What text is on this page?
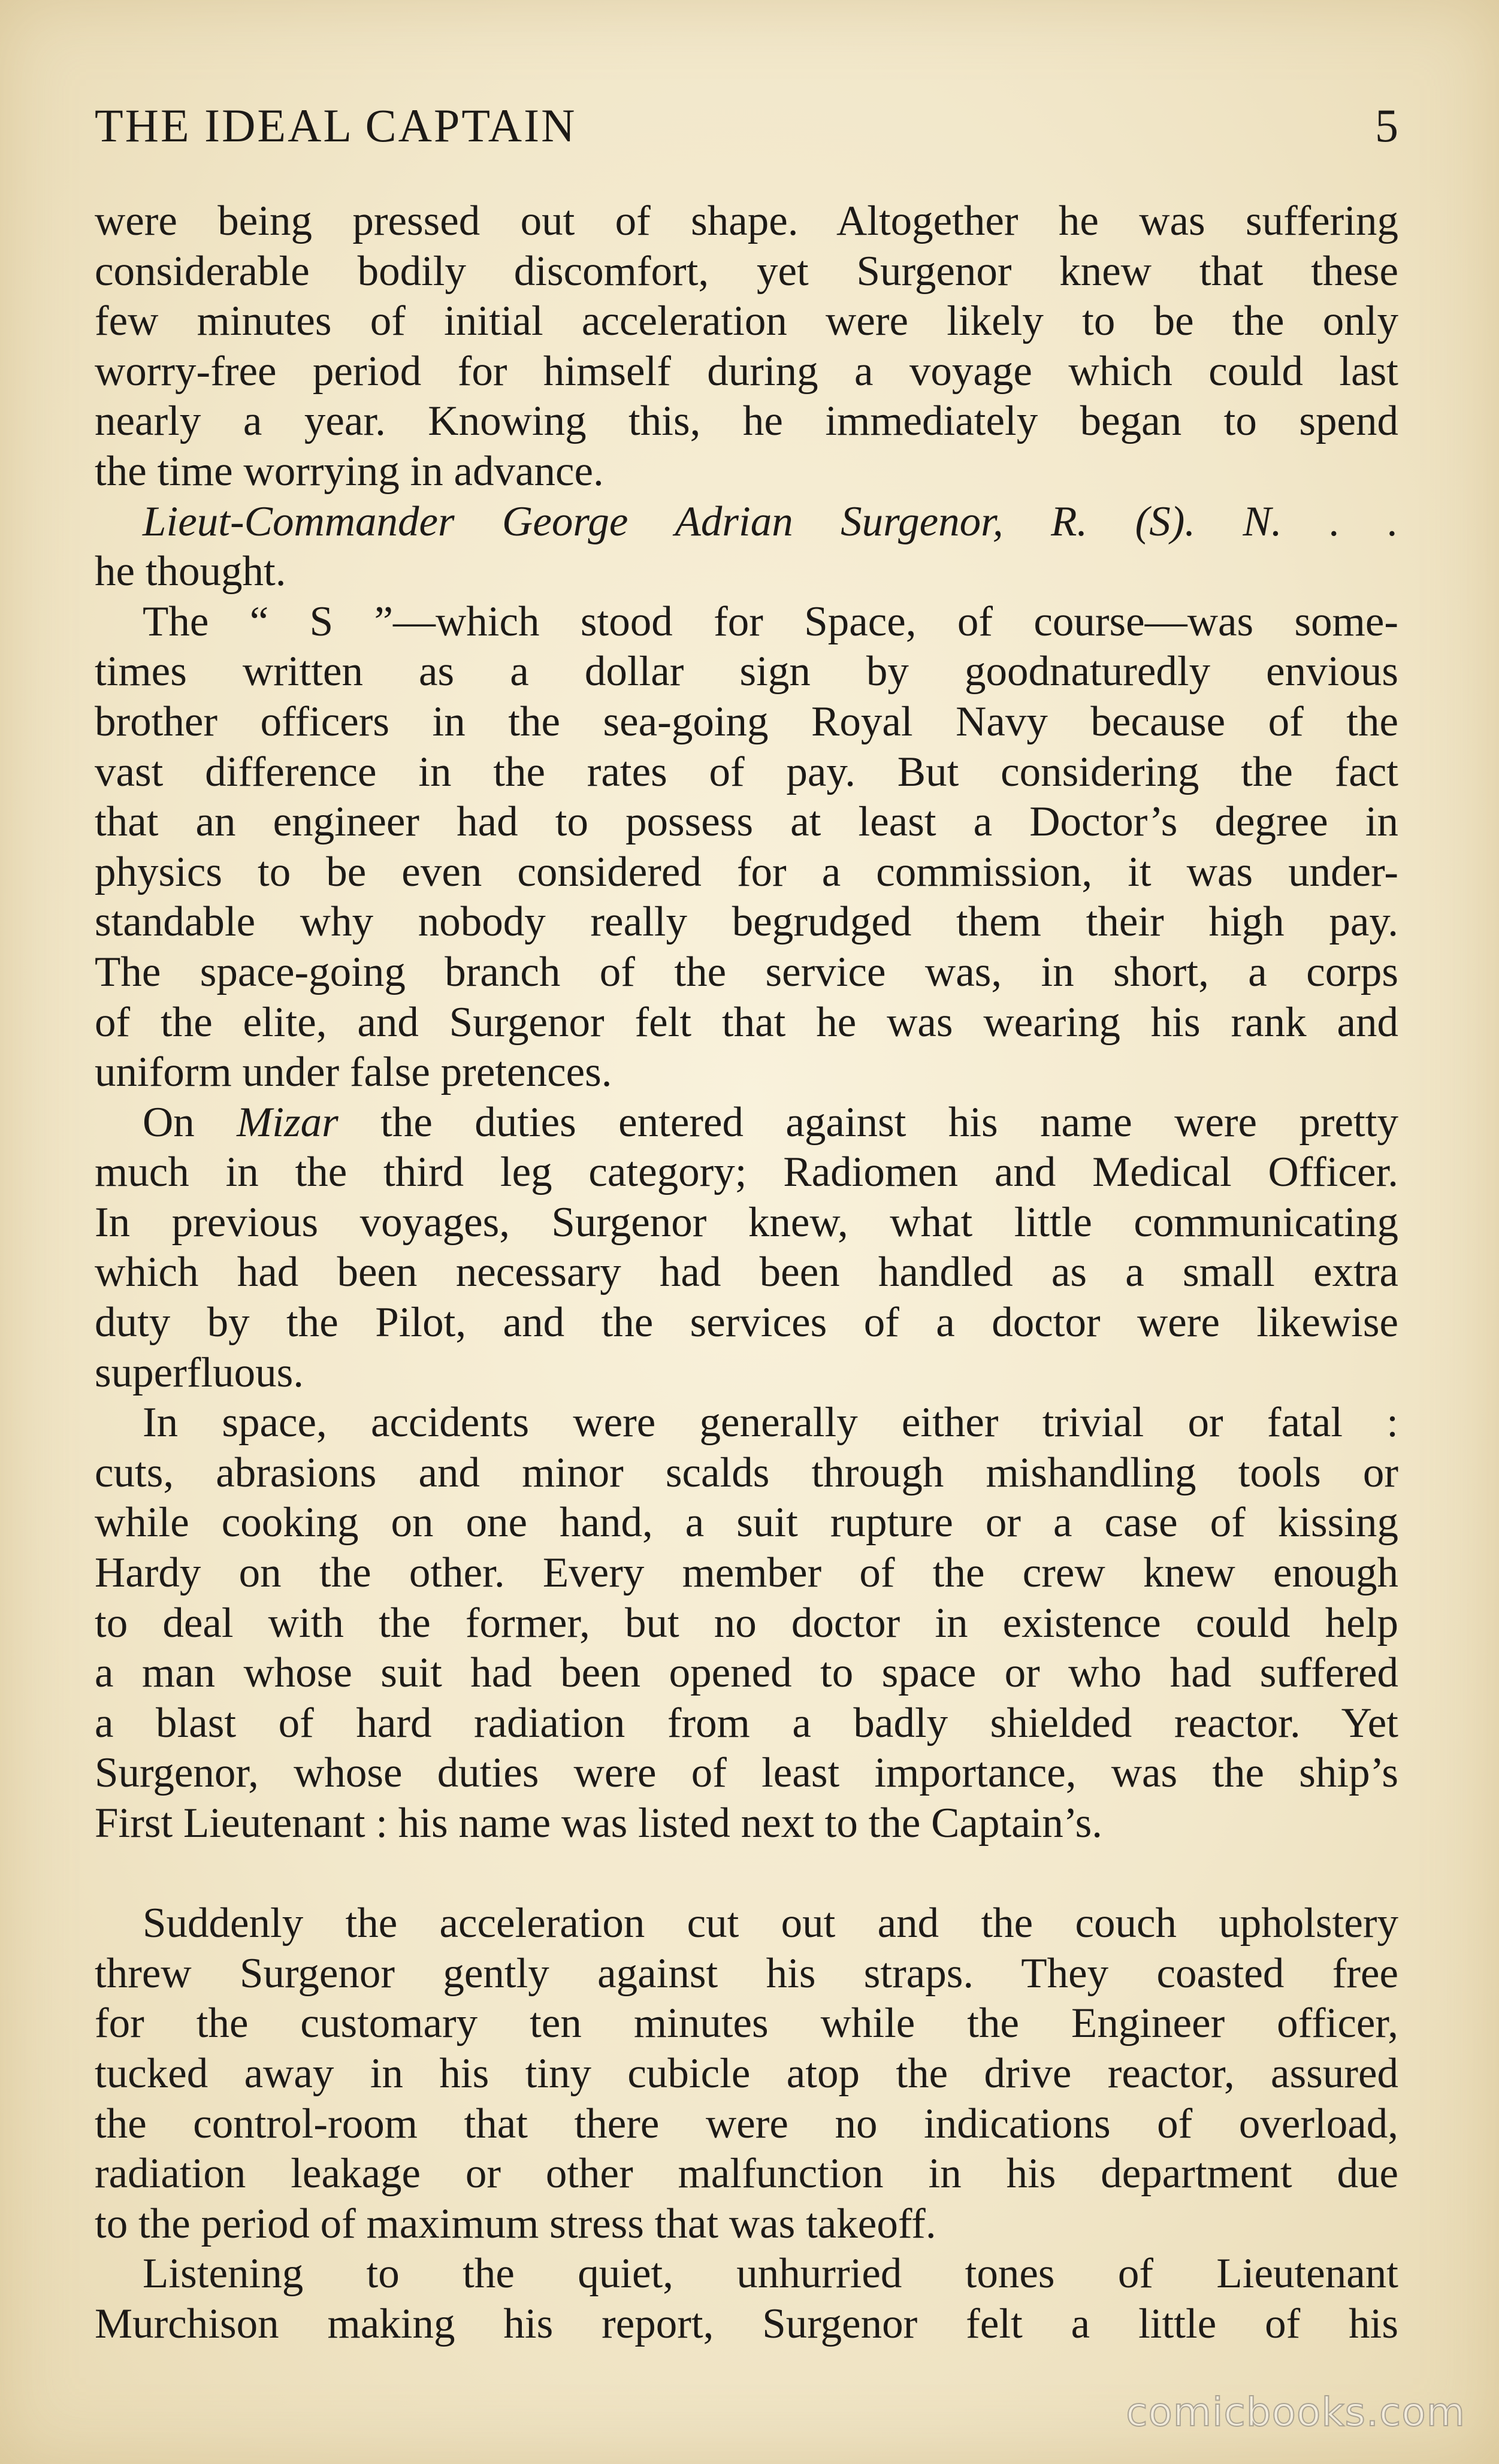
THE IDEAL CAPTAIN	5
were being pressed out of shape. Altogether he was suffering
considerable bodily discomfort, yet Surgenor knew that these
few minutes of initial acceleration were likely to be the only
worry-free period for himself during a voyage which could last
nearly a year. Knowing this, he immediately began to spend
the time worrying in advance.
Lieut-Commander George Adrian Surgenor, R. (S). N. . .
he thought.
The “ S ”—which stood for Space, of course—was some-
times written as a dollar sign by goodnaturedly envious
brother officers in the sea-going Royal Navy because of the
vast difference in the rates of pay. But considering the fact
that an engineer had to possess at least a Doctor’s degree in
physics to be even considered for a commission, it was under-
standable why nobody really begrudged them their high pay.
The space-going branch of the service was, in short, a corps
of the elite, and Surgenor felt that he was wearing his rank and
uniform under false pretences.
On Mizar the duties entered against his name were pretty
much in the third leg category; Radiomen and Medical Officer.
In previous voyages, Surgenor knew, what little communicating
which had been necessary had been handled as a small extra
duty by the Pilot, and the services of a doctor were likewise
superfluous.
In space, accidents were generally either trivial or fatal :
cuts, abrasions and minor scalds through mishandling tools or
while cooking on one hand, a suit rupture or a case of kissing
Hardy on the other. Every member of the crew knew enough
to deal with the former, but no doctor in existence could help
a man whose suit had been opened to space or who had suffered
a blast of hard radiation from a badly shielded reactor. Yet
Surgenor, whose duties were of least importance, was the ship’s
First Lieutenant : his name was listed next to the Captain’s.
Suddenly the acceleration cut out and the couch upholstery
threw Surgenor gently against his straps. They coasted free
for the customary ten minutes while the Engineer officer,
tucked away in his tiny cubicle atop the drive reactor, assured
the control-room that there were no indications of overload,
radiation leakage or other malfunction in his department due
to the period of maximum stress that was takeoff.
Listening to the quiet, unhurried tones of Lieutenant
Murchison making his report, Surgenor felt a little of his
comicbooks.com
